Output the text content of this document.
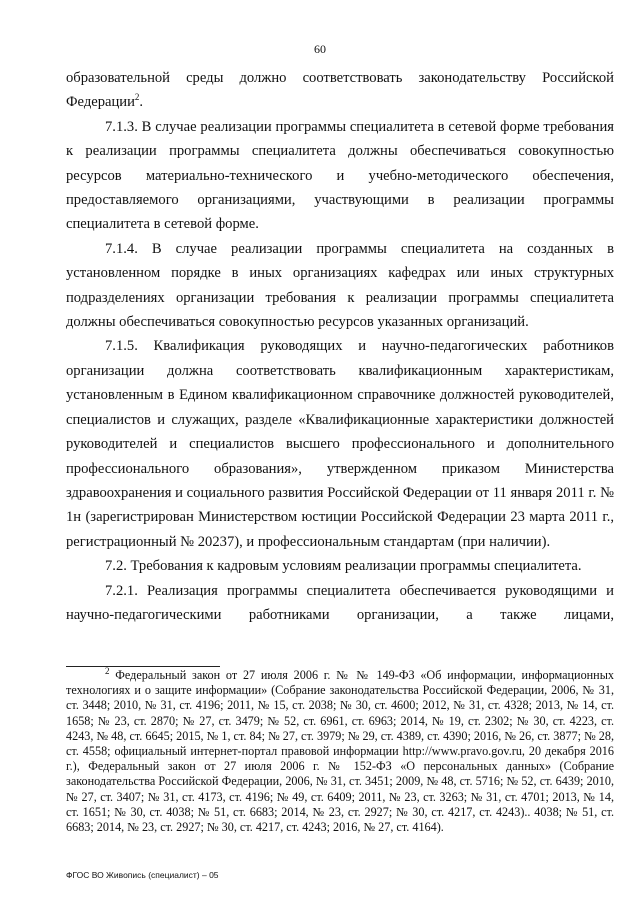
60

образовательной среды должно соответствовать законодательству Российской Федерации$^2$.

7.1.3. В случае реализации программы специалитета в сетевой форме требования к реализации программы специалитета должны обеспечиваться совокупностью ресурсов материально-технического и учебно-методического обеспечения, предоставляемого организациями, участвующими в реализации программы специалитета в сетевой форме.

7.1.4. В случае реализации программы специалитета на созданных в установленном порядке в иных организациях кафедрах или иных структурных подразделениях организации требования к реализации программы специалитета должны обеспечиваться совокупностью ресурсов указанных организаций.

7.1.5. Квалификация руководящих и научно-педагогических работников организации должна соответствовать квалификационным характеристикам, установленным в Едином квалификационном справочнике должностей руководителей, специалистов и служащих, разделе «Квалификационные характеристики должностей руководителей и специалистов высшего профессионального и дополнительного профессионального образования», утвержденном приказом Министерства здравоохранения и социального развития Российской Федерации от 11 января 2011 г. № 1н (зарегистрирован Министерством юстиции Российской Федерации 23 марта 2011 г., регистрационный № 20237), и профессиональным стандартам (при наличии).

7.2. Требования к кадровым условиям реализации программы специалитета.

7.2.1. Реализация программы специалитета обеспечивается руководящими и научно-педагогическими работниками организации, а также лицами,

$^2$ Федеральный закон от 27 июля 2006 г. № № 149-ФЗ «Об информации, информационных технологиях и о защите информации» (Собрание законодательства Российской Федерации, 2006, № 31, ст. 3448; 2010, № 31, ст. 4196; 2011, № 15, ст. 2038; № 30, ст. 4600; 2012, № 31, ст. 4328; 2013, № 14, ст. 1658; № 23, ст. 2870; № 27, ст. 3479; № 52, ст. 6961, ст. 6963; 2014, № 19, ст. 2302; № 30, ст. 4223, ст. 4243, № 48, ст. 6645; 2015, № 1, ст. 84; № 27, ст. 3979; № 29, ст. 4389, ст. 4390; 2016, № 26, ст. 3877; № 28, ст. 4558; официальный интернет-портал правовой информации http://www.pravo.gov.ru, 20 декабря 2016 г.), Федеральный закон от 27 июля 2006 г. № 152-ФЗ «О персональных данных» (Собрание законодательства Российской Федерации, 2006, № 31, ст. 3451; 2009, № 48, ст. 5716; № 52, ст. 6439; 2010, № 27, ст. 3407; № 31, ст. 4173, ст. 4196; № 49, ст. 6409; 2011, № 23, ст. 3263; № 31, ст. 4701; 2013, № 14, ст. 1651; № 30, ст. 4038; № 51, ст. 6683; 2014, № 23, ст. 2927; № 30, ст. 4217, ст. 4243).. 4038; № 51, ст. 6683; 2014, № 23, ст. 2927; № 30, ст. 4217, ст. 4243; 2016, № 27, ст. 4164).

ФГОС ВО Живопись (специалист) – 05
